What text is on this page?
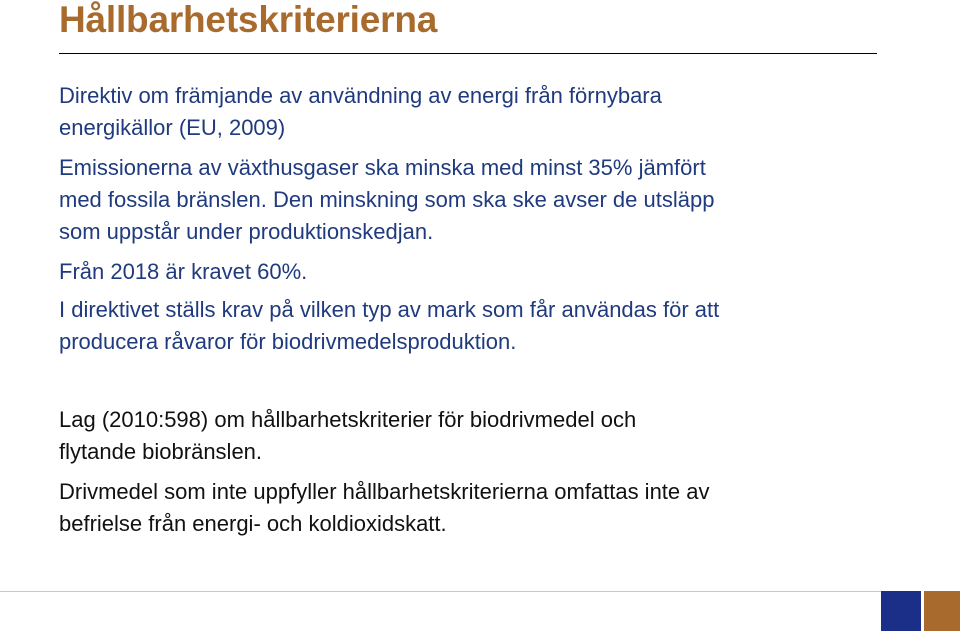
Hållbarhetskriterierna
Direktiv om främjande av användning av energi från förnybara
energikällor (EU, 2009)
Emissionerna av växthusgaser ska minska med minst 35% jämfört
med fossila bränslen. Den minskning som ska ske avser de utsläpp
som uppstår under produktionskedjan.
Från 2018 är kravet 60%.
I direktivet ställs krav på vilken typ av mark som får användas för att
producera råvaror för biodrivmedelsproduktion.
Lag (2010:598) om hållbarhetskriterier för biodrivmedel och
flytande biobränslen.
Drivmedel som inte uppfyller hållbarhetskriterierna omfattas inte av
befrielse från energi- och koldioxidskatt.
